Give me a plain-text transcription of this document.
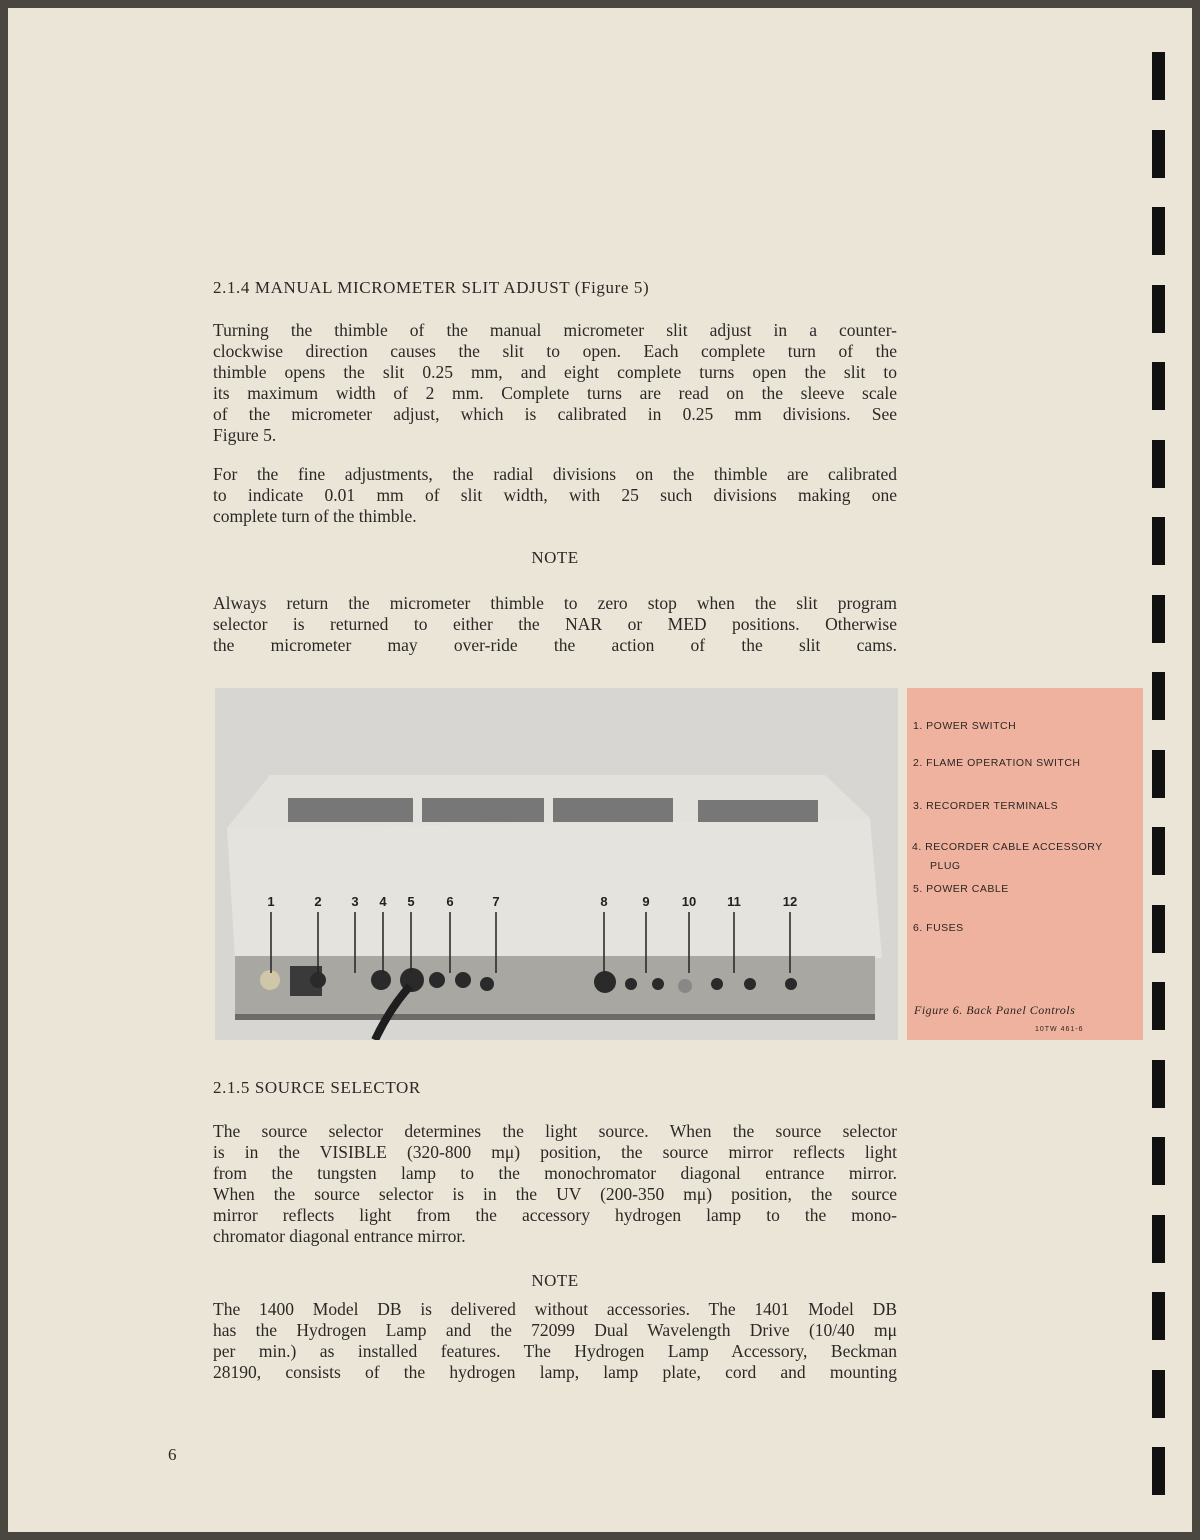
2.1.4 MANUAL MICROMETER SLIT ADJUST (Figure 5)
Turning the thimble of the manual micrometer slit adjust in a counter-
clockwise direction causes the slit to open. Each complete turn of the
thimble opens the slit 0.25 mm, and eight complete turns open the slit to
its maximum width of 2 mm. Complete turns are read on the sleeve scale
of the micrometer adjust, which is calibrated in 0.25 mm divisions. See
Figure 5.
For the fine adjustments, the radial divisions on the thimble are calibrated
to indicate 0.01 mm of slit width, with 25 such divisions making one
complete turn of the thimble.
NOTE
Always return the micrometer thimble to zero stop when the slit program
selector is returned to either the NAR or MED positions. Otherwise
the micrometer may over-ride the action of the slit cams.
1	2 3 4 5 6	7	8	9 10 11	12
1. POWER SWITCH
2. FLAME OPERATION SWITCH
3. RECORDER TERMINALS
4. RECORDER CABLE ACCESSORY
PLUG
5. POWER CABLE
6. FUSES
Figure 6. Back Panel Controls
10TW 461-6
2.1.5 SOURCE SELECTOR
The source selector determines the light source. When the source selector
is in the VISIBLE (320-800 mμ) position, the source mirror reflects light
from the tungsten lamp to the monochromator diagonal entrance mirror.
When the source selector is in the UV (200-350 mμ) position, the source
mirror reflects light from the accessory hydrogen lamp to the mono-
chromator diagonal entrance mirror.
NOTE
The 1400 Model DB is delivered without accessories. The 1401 Model DB
has the Hydrogen Lamp and the 72099 Dual Wavelength Drive (10/40 mμ
per min.) as installed features. The Hydrogen Lamp Accessory, Beckman
28190, consists of the hydrogen lamp, lamp plate, cord and mounting
6
